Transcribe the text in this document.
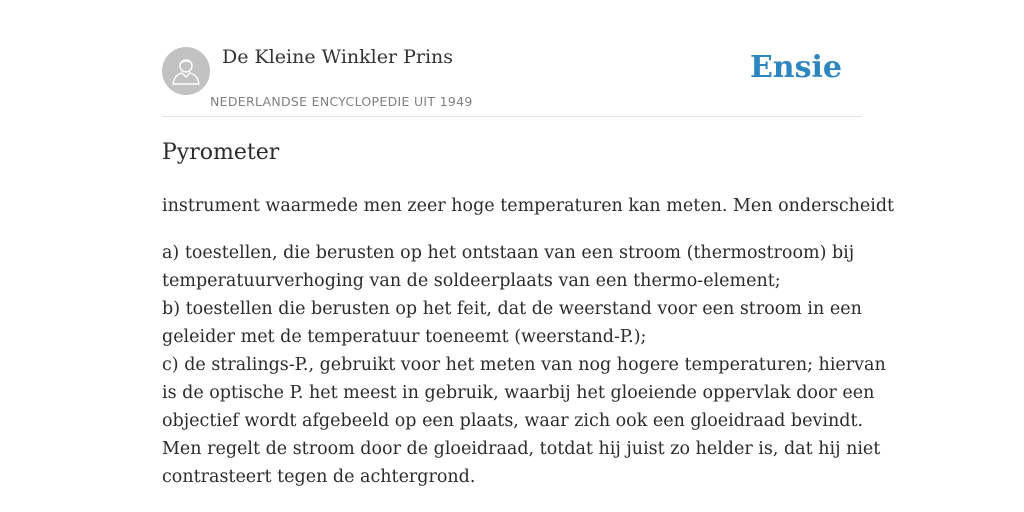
De Kleine Winkler Prins
NEDERLANDSE ENCYCLOPEDIE UIT 1949
Ensie
Pyrometer

instrument waarmede men zeer hoge temperaturen kan meten. Men onderscheidt

a) toestellen, die berusten op het ontstaan van een stroom (thermostroom) bij
temperatuurverhoging van de soldeerplaats van een thermo-element;
b) toestellen die berusten op het feit, dat de weerstand voor een stroom in een
geleider met de temperatuur toeneemt (weerstand-P.);
c) de stralings-P., gebruikt voor het meten van nog hogere temperaturen; hiervan
is de optische P. het meest in gebruik, waarbij het gloeiende oppervlak door een
objectief wordt afgebeeld op een plaats, waar zich ook een gloeidraad bevindt.
Men regelt de stroom door de gloeidraad, totdat hij juist zo helder is, dat hij niet
contrasteert tegen de achtergrond.
